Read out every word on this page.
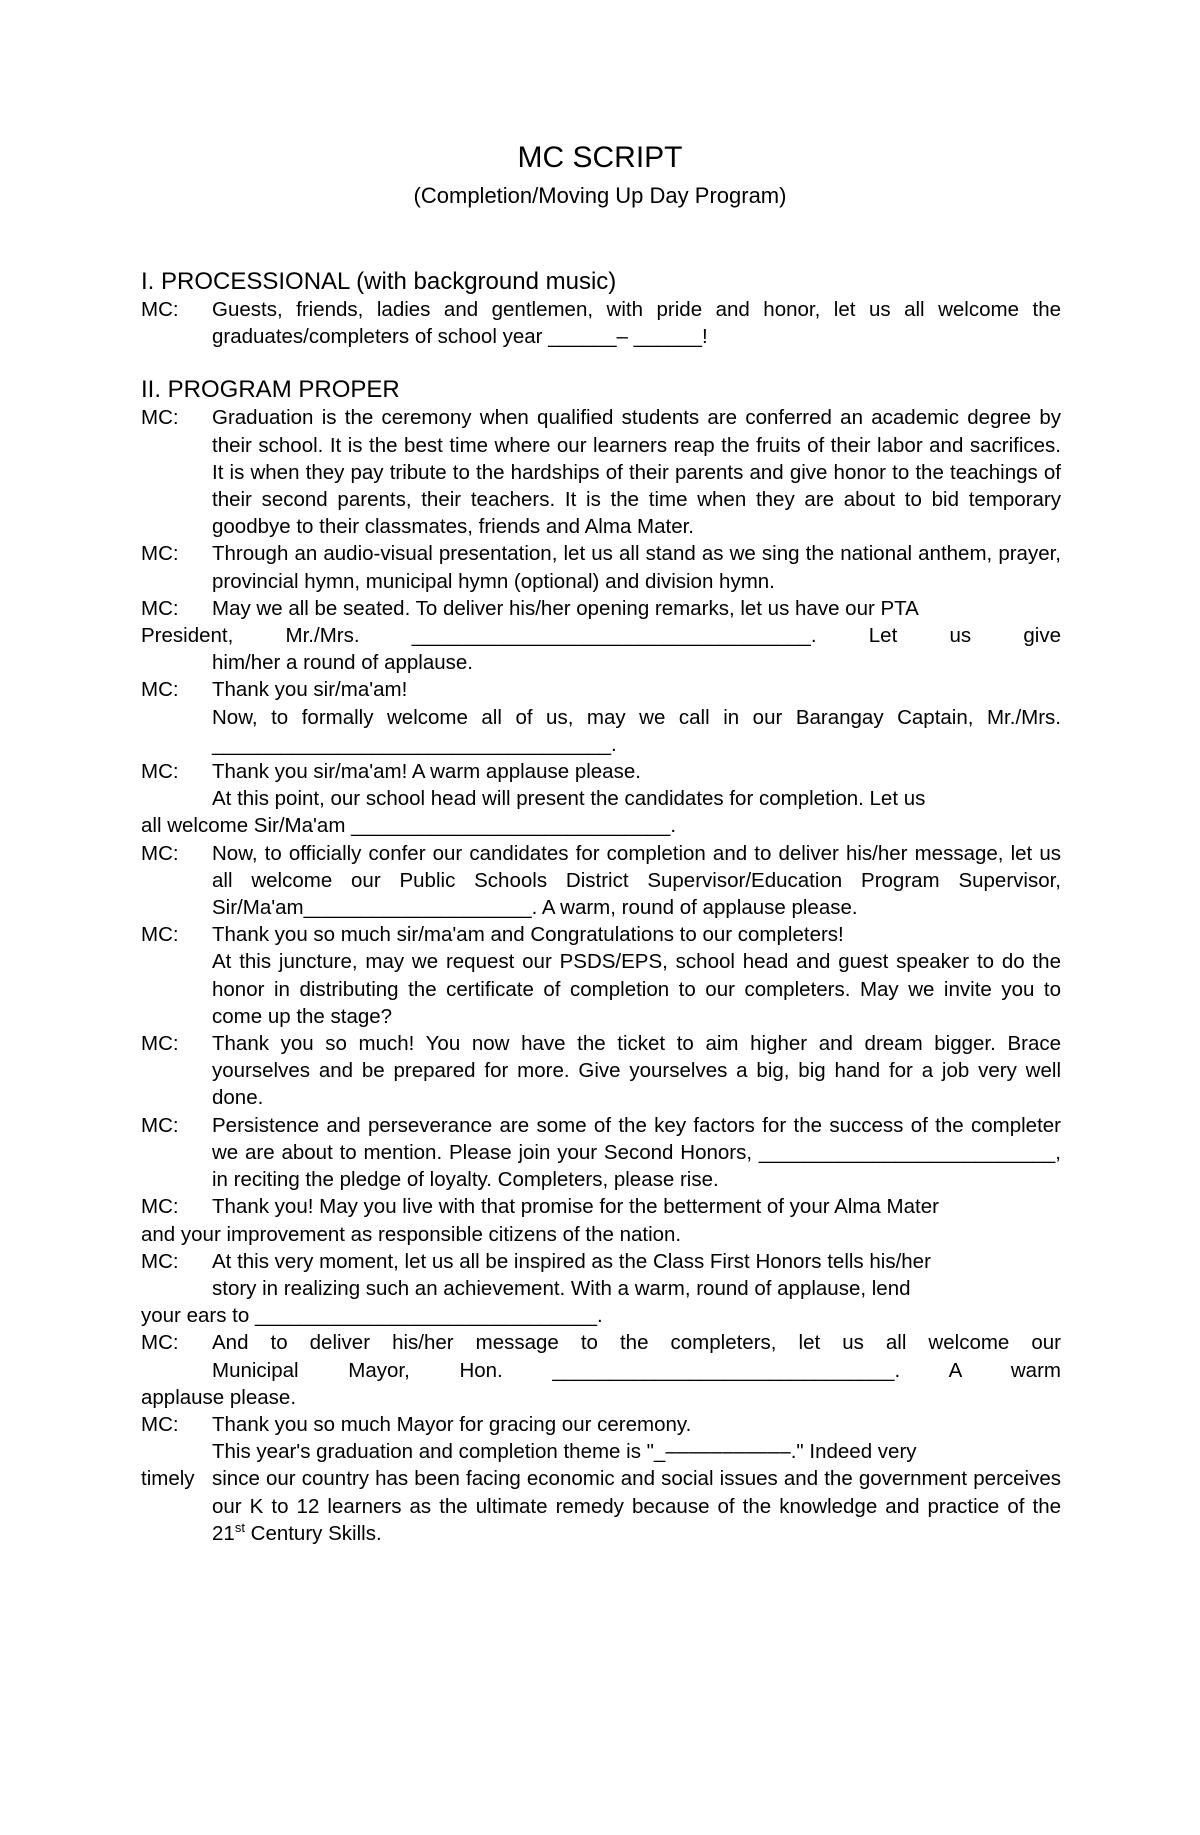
MC SCRIPT
(Completion/Moving Up Day Program)

I. PROCESSIONAL (with background music)

MC:	Guests, friends, ladies and gentlemen, with pride and honor, let us all welcome the graduates/completers of school year ______– ______!

II. PROGRAM PROPER

MC:	Graduation is the ceremony when qualified students are conferred an academic degree by their school. It is the best time where our learners reap the fruits of their labor and sacrifices. It is when they pay tribute to the hardships of their parents and give honor to the teachings of their second parents, their teachers. It is the time when they are about to bid temporary goodbye to their classmates, friends and Alma Mater.
MC:	Through an audio-visual presentation, let us all stand as we sing the national anthem, prayer, provincial hymn, municipal hymn (optional) and division hymn.
MC:	May we all be seated. To deliver his/her opening remarks, let us have our PTA

President, Mr./Mrs. ___________________________________. Let us give

him/her a round of applause.

MC:	Thank you sir/ma'am!

Now, to formally welcome all of us, may we call in our Barangay Captain, Mr./Mrs. ___________________________________.

MC:	Thank you sir/ma'am! A warm applause please.

At this point, our school head will present the candidates for completion. Let us

all welcome Sir/Ma'am ____________________________.

MC:	Now, to officially confer our candidates for completion and to deliver his/her message, let us all welcome our Public Schools District Supervisor/Education Program Supervisor, Sir/Ma'am____________________. A warm, round of applause please.
MC:	Thank you so much sir/ma'am and Congratulations to our completers!

At this juncture, may we request our PSDS/EPS, school head and guest speaker to do the honor in distributing the certificate of completion to our completers. May we invite you to come up the stage?

MC:	Thank you so much! You now have the ticket to aim higher and dream bigger. Brace yourselves and be prepared for more. Give yourselves a big, big hand for a job very well done.
MC:	Persistence and perseverance are some of the key factors for the success of the completer we are about to mention. Please join your Second Honors, __________________________, in reciting the pledge of loyalty. Completers, please rise.
MC:	Thank you! May you live with that promise for the betterment of your Alma Mater

and your improvement as responsible citizens of the nation.

MC:	At this very moment, let us all be inspired as the Class First Honors tells his/her

story in realizing such an achievement. With a warm, round of applause, lend

your ears to ______________________________.

MC:	And to deliver his/her message to the completers, let us all welcome our

Municipal Mayor, Hon. ______________________________. A warm

applause please.

MC:	Thank you so much Mayor for gracing our ceremony.

This year's graduation and completion theme is "_–––––––––––." Indeed very

timely since our country has been facing economic and social issues and the government perceives our K to 12 learners as the ultimate remedy because of the knowledge and practice of the 21st Century Skills.
